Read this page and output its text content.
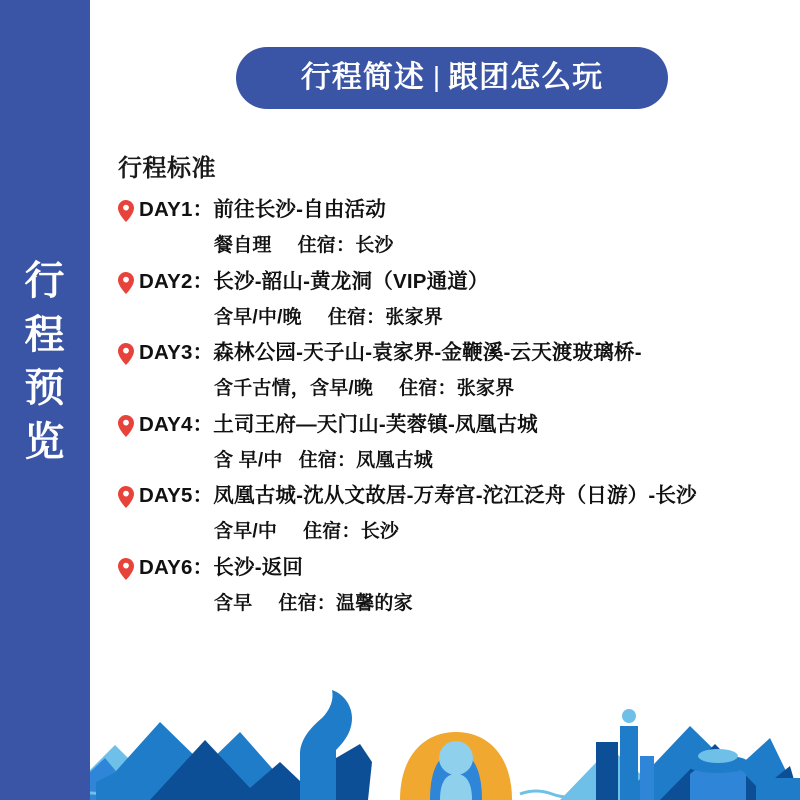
行
程
预
览
行程简述 | 跟团怎么玩
行程标准
DAY1：前往长沙-自由活动
餐自理 住宿：长沙
DAY2：长沙-韶山-黄龙洞（VIP通道）
含早/中/晚 住宿：张家界
DAY3：森林公园-天子山-袁家界-金鞭溪-云天渡玻璃桥-
含千古情，含早/晚 住宿：张家界
DAY4：土司王府—天门山-芙蓉镇-凤凰古城
含 早/中 住宿：凤凰古城
DAY5：凤凰古城-沈从文故居-万寿宫-沱江泛舟（日游）-长沙
含早/中 住宿：长沙
DAY6：长沙-返回
含早 住宿：温馨的家
